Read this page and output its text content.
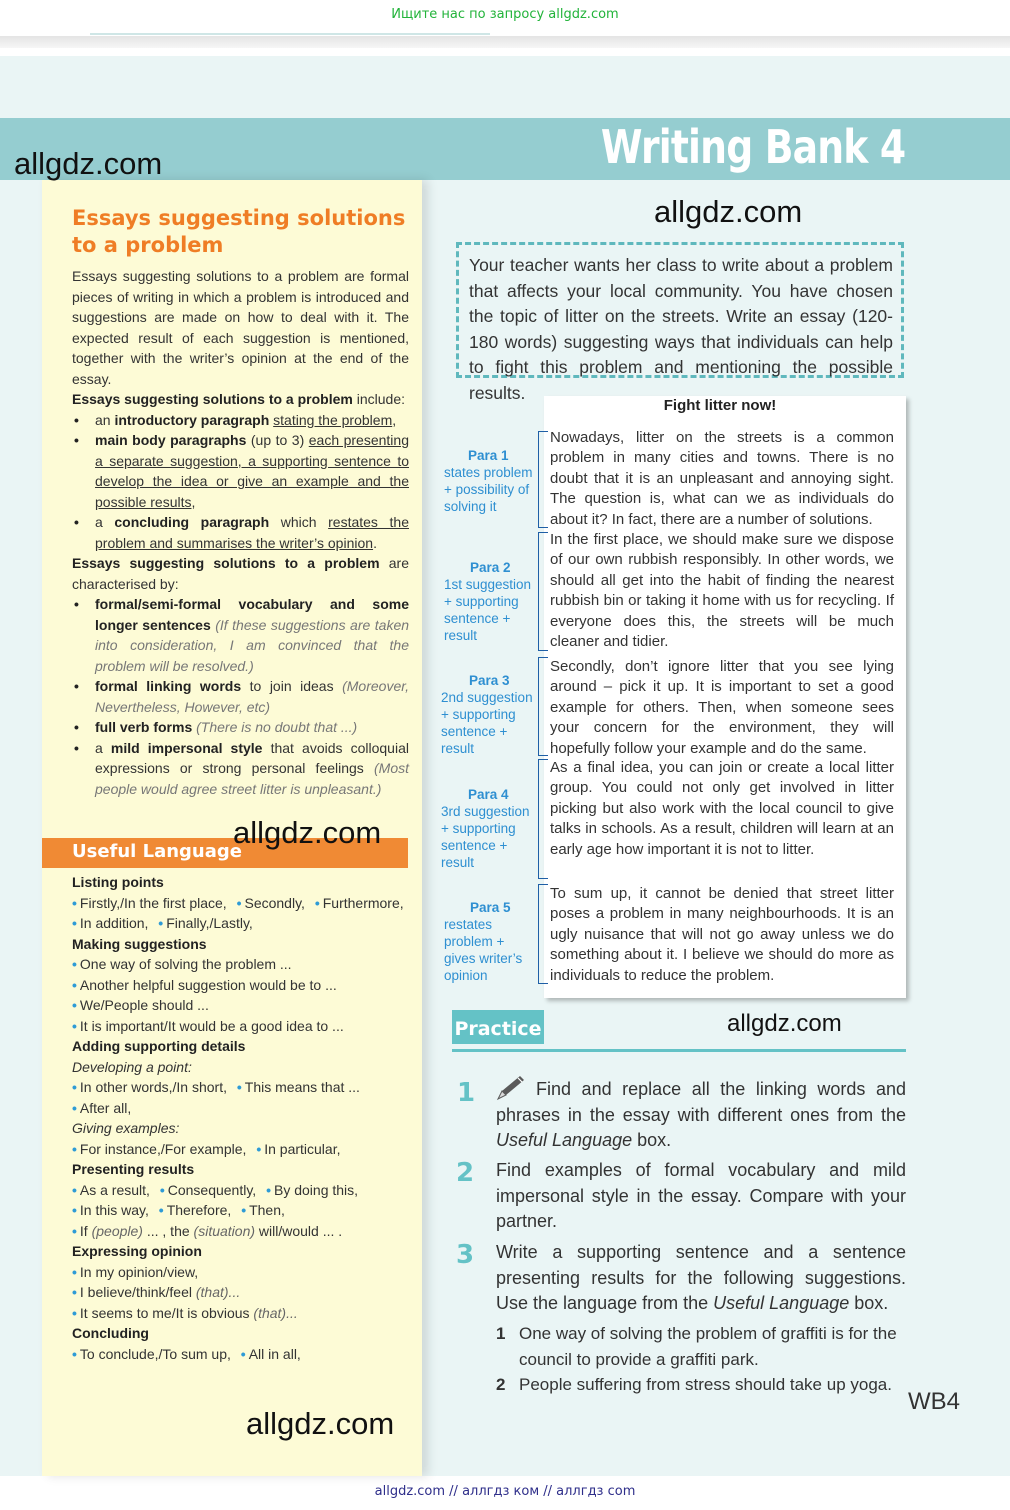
Ищите нас по запросу allgdz.com
Writing Bank 4
allgdz.com
allgdz.com
allgdz.com
allgdz.com
Essays suggesting solutions to a problem

Essays suggesting solutions to a problem are formal pieces of writing in which a problem is introduced and suggestions are made on how to deal with it. The expected result of each suggestion is mentioned, together with the writer’s opinion at the end of the essay.

Essays suggesting solutions to a problem include:

• an introductory paragraph stating the problem,
• main body paragraphs (up to 3) each presenting a separate suggestion, a supporting sentence to develop the idea or give an example and the possible results,
• a concluding paragraph which restates the problem and summarises the writer’s opinion.

Essays suggesting solutions to a problem are characterised by:

• formal/semi-formal vocabulary and some longer sentences (If these suggestions are taken into consideration, I am convinced that the problem will be resolved.)
• formal linking words to join ideas (Moreover, Nevertheless, However, etc)
• full verb forms (There is no doubt that ...)
• a mild impersonal style that avoids colloquial expressions or strong personal feelings (Most people would agree street litter is unpleasant.)
Useful Language
allgdz.com
Listing points
• Firstly,/In the first place, • Secondly, • Furthermore,
• In addition, • Finally,/Lastly,
Making suggestions
• One way of solving the problem ...
• Another helpful suggestion would be to ...
• We/People should ...
• It is important/It would be a good idea to ...
Adding supporting details
Developing a point:
• In other words,/In short, • This means that ...
• After all,
Giving examples:
• For instance,/For example, • In particular,
Presenting results
• As a result, • Consequently, • By doing this,
• In this way, • Therefore, • Then,
• If (people) ... , the (situation) will/would ... .
Expressing opinion
• In my opinion/view,
• I believe/think/feel (that)...
• It seems to me/It is obvious (that)...
Concluding
• To conclude,/To sum up, • All in all,
Your teacher wants her class to write about a problem that affects your local community. You have chosen the topic of litter on the streets. Write an essay (120-180 words) suggesting ways that individuals can help to fight this problem and mentioning the possible results.
Fight litter now!
Nowadays, litter on the streets is a common problem in many cities and towns. There is no doubt that it is an unpleasant and annoying sight. The question is, what can we as individuals do about it? In fact, there are a number of solutions.
In the first place, we should make sure we dispose of our own rubbish responsibly. In other words, we should all get into the habit of finding the nearest rubbish bin or taking it home with us for recycling. If everyone does this, the streets will be much cleaner and tidier.
Secondly, don’t ignore litter that you see lying around – pick it up. It is important to set a good example for others. Then, when someone sees your concern for the environment, they will hopefully follow your example and do the same.
As a final idea, you can join or create a local litter group. You could not only get involved in litter picking but also work with the local council to give talks in schools. As a result, children will learn at an early age how important it is not to litter.
To sum up, it cannot be denied that street litter poses a problem in many neighbourhoods. It is an ugly nuisance that will not go away unless we do something about it. I believe we should do more as individuals to reduce the problem.
Para 1
states problem + possibility of solving it
Para 2
1st suggestion + supporting sentence + result
Para 3
2nd suggestion + supporting sentence + result
Para 4
3rd suggestion + supporting sentence + result
Para 5
restates problem + gives writer’s opinion
Practice
1	Find and replace all the linking words and phrases in the essay with different ones from the Useful Language box.
2 Find examples of formal vocabulary and mild impersonal style in the essay. Compare with your partner.
3 Write a supporting sentence and a sentence presenting results for the following suggestions. Use the language from the Useful Language box.
1 One way of solving the problem of graffiti is for the council to provide a graffiti park.
2 People suffering from stress should take up yoga.
WB4
allgdz.com // аллгдз ком // аллгдз com
